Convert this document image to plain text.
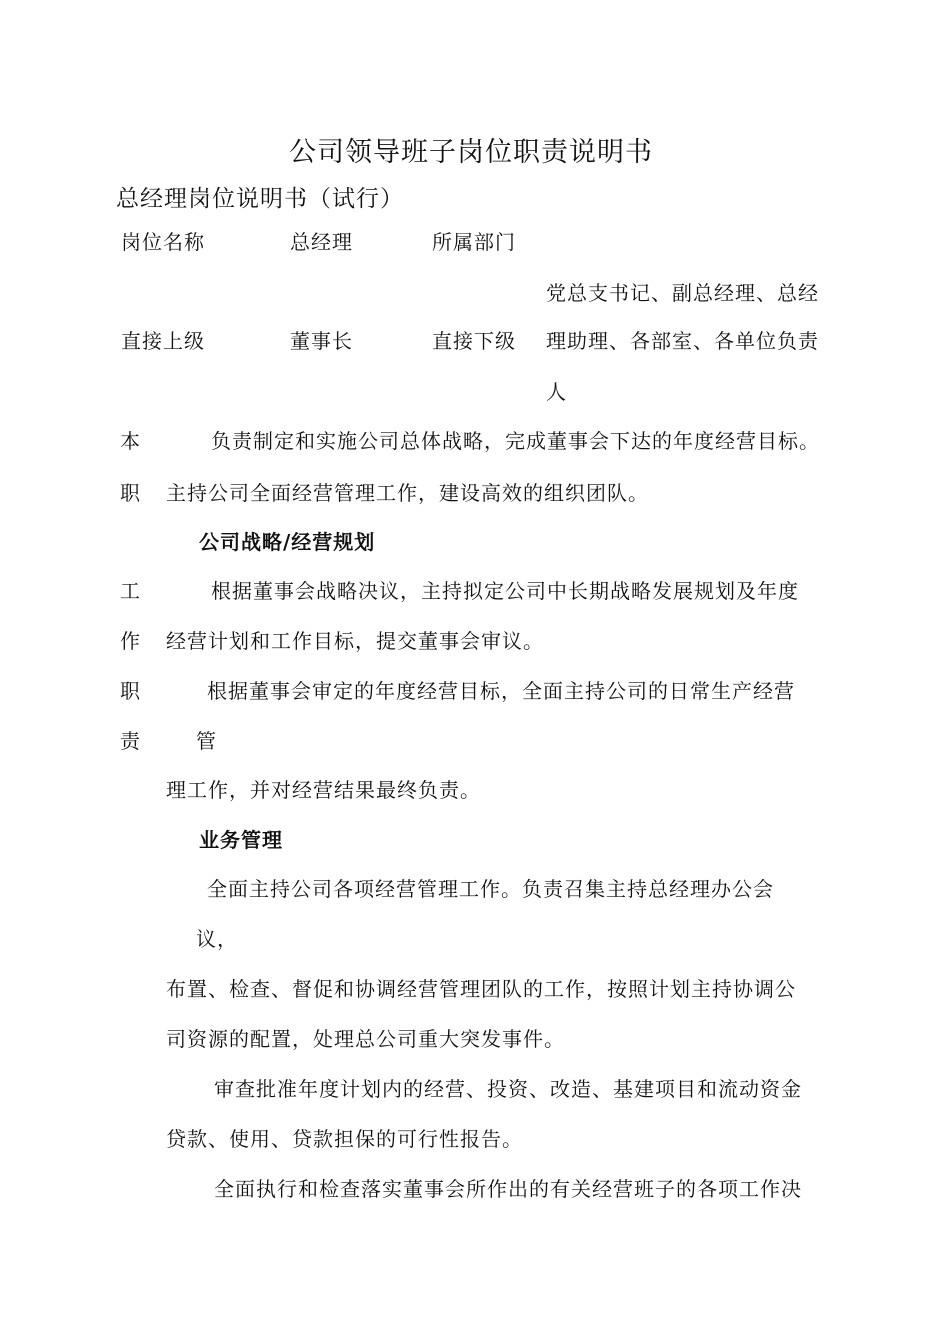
公司领导班子岗位职责说明书
总经理岗位说明书（试行）
岗位名称	总经理	所属部门
直接上级	董事长	直接下级
党总支书记、副总经理、总经
理助理、各部室、各单位负责
人
本
职
负责制定和实施公司总体战略，完成董事会下达的年度经营目标。
主持公司全面经营管理工作，建设高效的组织团队。
工
作
职
责
公司战略/经营规划
根据董事会战略决议，主持拟定公司中长期战略发展规划及年度
经营计划和工作目标，提交董事会审议。
根据董事会审定的年度经营目标，全面主持公司的日常生产经营
管
理工作，并对经营结果最终负责。
业务管理
全面主持公司各项经营管理工作。负责召集主持总经理办公会
议，
布置、检查、督促和协调经营管理团队的工作，按照计划主持协调公
司资源的配置，处理总公司重大突发事件。
审查批准年度计划内的经营、投资、改造、基建项目和流动资金
贷款、使用、贷款担保的可行性报告。
全面执行和检查落实董事会所作出的有关经营班子的各项工作决
